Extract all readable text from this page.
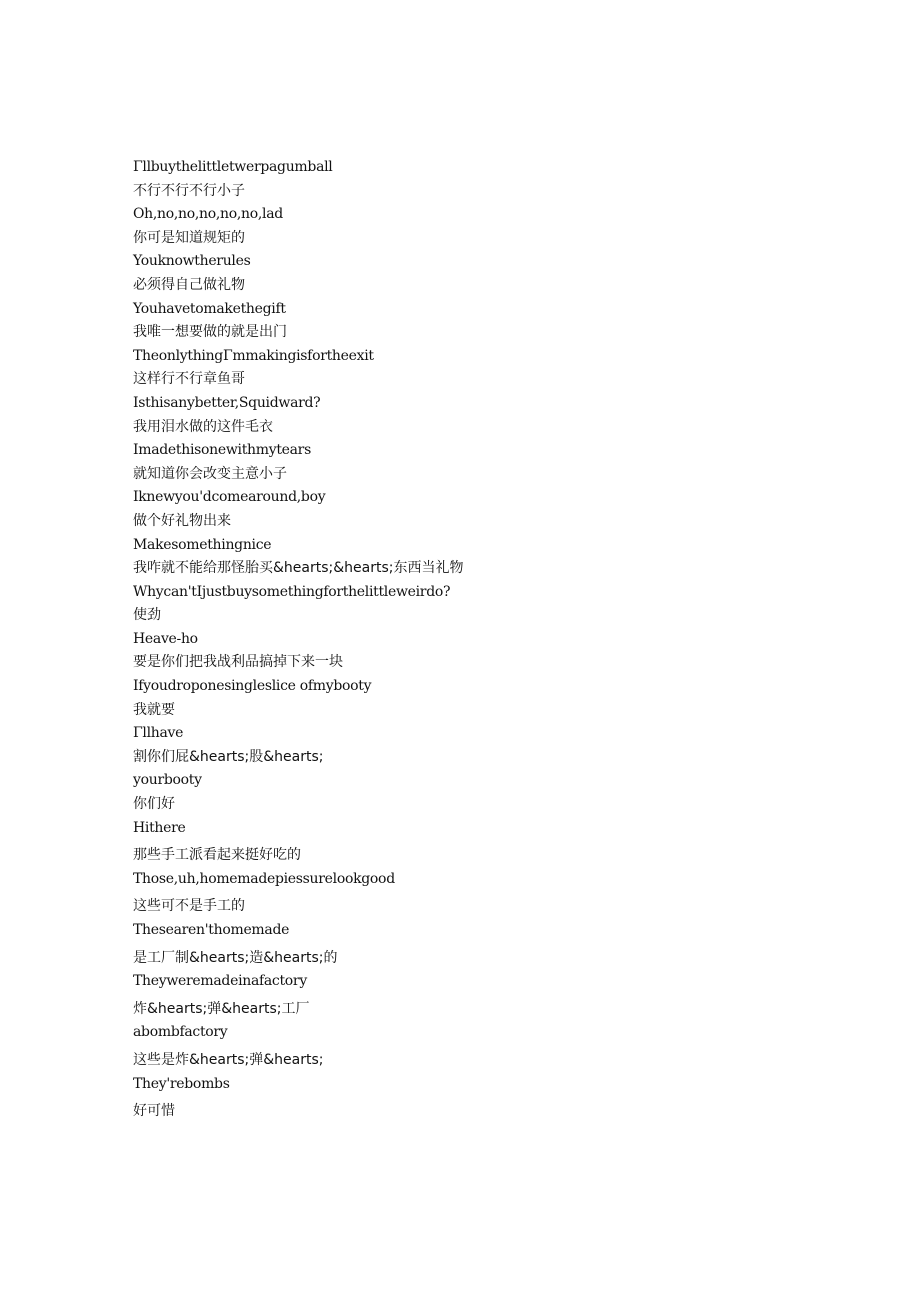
Γllbuythelittletwerpagumball
不行不行不行小子
Oh,no,no,no,no,no,lad
你可是知道规矩的
Youknowtherules
必须得自己做礼物
Youhavetomakethegift
我唯一想要做的就是出门
TheonlythingΓmmakingisfortheexit
这样行不行章鱼哥
Isthisanybetter,Squidward?
我用泪水做的这件毛衣
Imadethisonewithmytears
就知道你会改变主意小子
Iknewyou'dcomearound,boy
做个好礼物出来
Makesomethingnice
我咋就不能给那怪胎买&hearts;&hearts;东西当礼物
Whycan'tIjustbuysomethingforthelittleweirdo?
使劲
Heave-ho
要是你们把我战利品搞掉下来一块
Ifyoudroponesingleslice ofmybooty
我就要
Γllhave
割你们屁&hearts;股&hearts;
yourbooty
你们好
Hithere
那些手工派看起来挺好吃的
Those,uh,homemadepiessurelookgood
这些可不是手工的
Thesearen'thomemade
是工厂制&hearts;造&hearts;的
Theyweremadeinafactory
炸&hearts;弹&hearts;工厂
abombfactory
这些是炸&hearts;弹&hearts;
They'rebombs
好可惜
